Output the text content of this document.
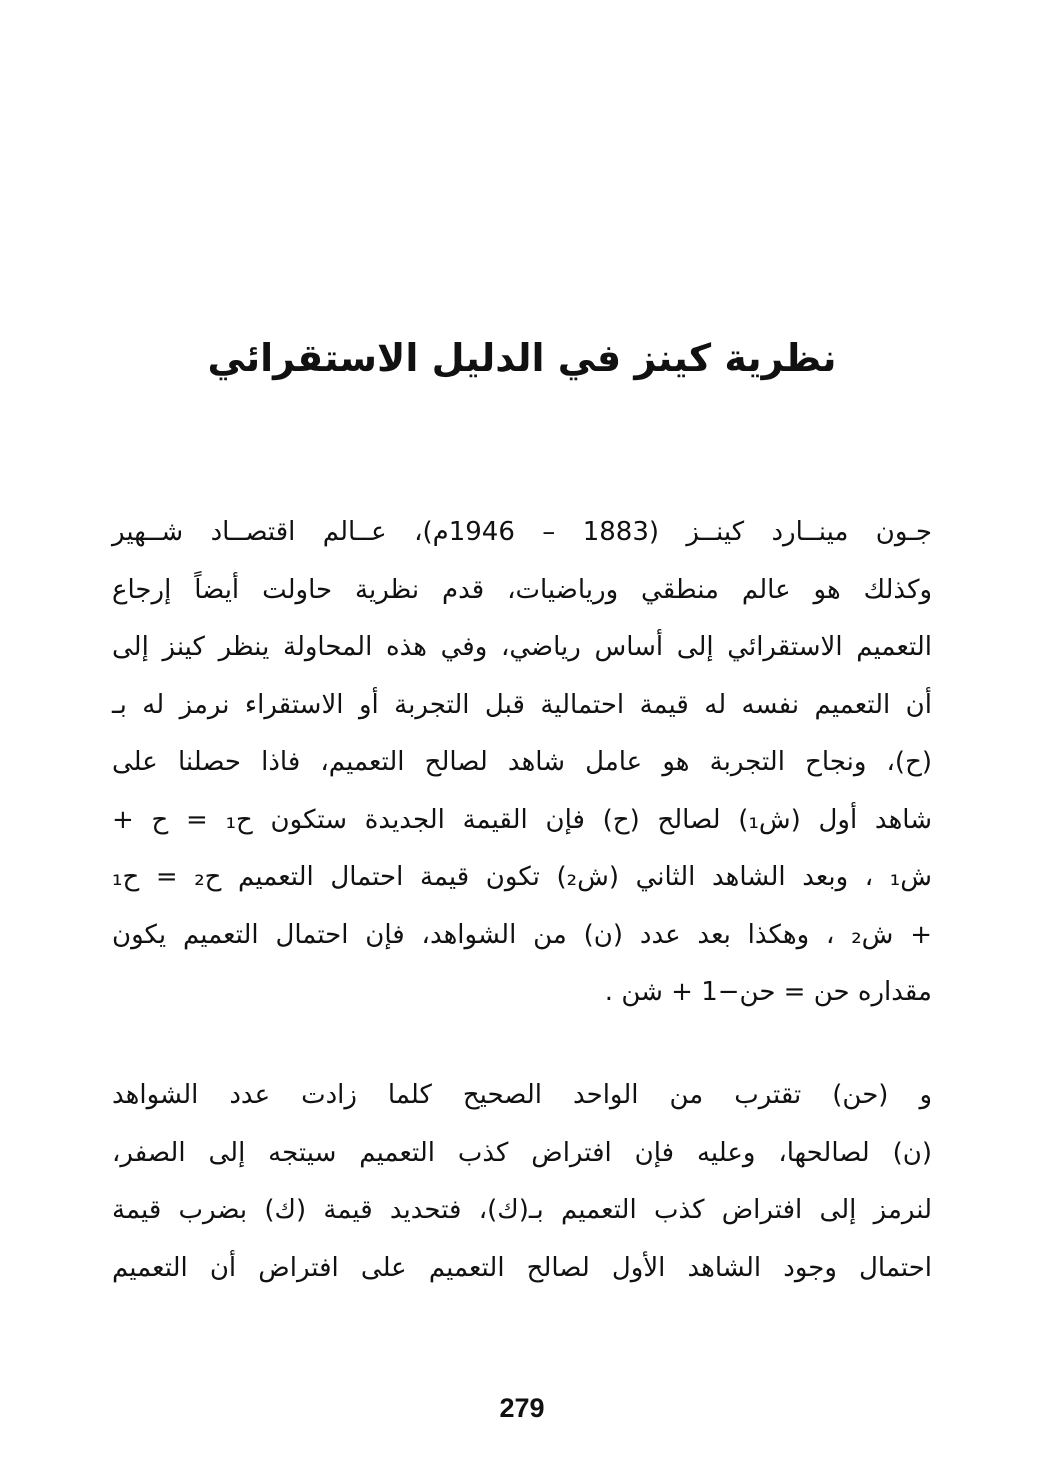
نظرية كينز في الدليل الاستقرائي
جـون مينــارد كينــز (1883 – 1946م)، عــالم اقتصــاد شــهير
وكذلك هو عالم منطقي ورياضيات، قدم نظرية حاولت أيضاً إرجاع
التعميم الاستقرائي إلى أساس رياضي، وفي هذه المحاولة ينظر كينز إلى
أن التعميم نفسه له قيمة احتمالية قبل التجربة أو الاستقراء نرمز له بـ
(ح)، ونجاح التجربة هو عامل شاهد لصالح التعميم، فاذا حصلنا على
شاهد أول (ش₁) لصالح (ح) فإن القيمة الجديدة ستكون ح₁ = ح +
ش₁ ، وبعد الشاهد الثاني (ش₂) تكون قيمة احتمال التعميم ح₂ = ح₁
+ ش₂ ، وهكذا بعد عدد (ن) من الشواهد، فإن احتمال التعميم يكون
مقداره حن = حن−1 + شن .
و (حن) تقترب من الواحد الصحيح كلما زادت عدد الشواهد
(ن) لصالحها، وعليه فإن افتراض كذب التعميم سيتجه إلى الصفر،
لنرمز إلى افتراض كذب التعميم بـ(ك)، فتحديد قيمة (ك) بضرب قيمة
احتمال وجود الشاهد الأول لصالح التعميم على افتراض أن التعميم
279
